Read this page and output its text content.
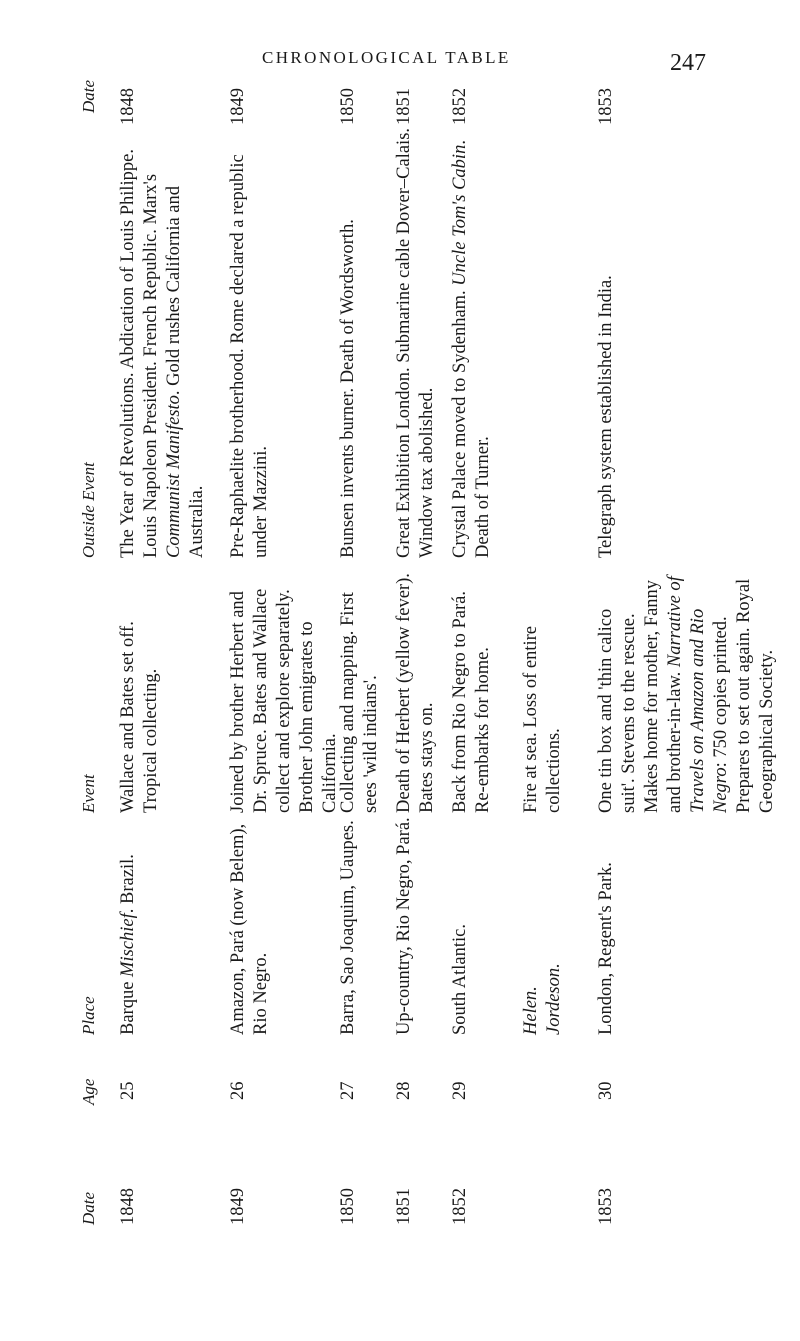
CHRONOLOGICAL TABLE	247
Date
Age
Place
Event
Outside Event
Date
1848
25
Barque Mischief. Brazil.
Wallace and Bates set off. Tropical collecting.
The Year of Revolutions. Abdication of Louis Philippe. Louis Napoleon President. French Republic. Marx's Communist Manifesto. Gold rushes California and Australia.
1848
1849
26
Amazon, Pará (now Belem), Rio Negro.
Joined by brother Herbert and Dr. Spruce. Bates and Wallace collect and explore separately. Brother John emigrates to California.
Pre-Raphaelite brotherhood. Rome declared a republic under Mazzini.
1849
1850
27
Barra, Sao Joaquim, Uaupes.
Collecting and mapping. First sees 'wild indians'.
Bunsen invents burner. Death of Wordsworth.
1850
1851
28
Up-country, Rio Negro, Pará.
Death of Herbert (yellow fever). Bates stays on.
Great Exhibition London. Submarine cable Dover–Calais. Window tax abolished.
1851
1852
29
South Atlantic.	Helen. Jordeson.
Back from Rio Negro to Pará. Re-embarks for home. Fire at sea. Loss of entire collections.
Crystal Palace moved to Sydenham. Uncle Tom's Cabin. Death of Turner.
1852
1853
30
London, Regent's Park.
One tin box and 'thin calico suit'. Stevens to the rescue. Makes home for mother, Fanny and brother-in-law. Narrative of Travels on Amazon and Rio Negro: 750 copies printed. Prepares to set out again. Royal Geographical Society.
Telegraph system established in India.
1853
